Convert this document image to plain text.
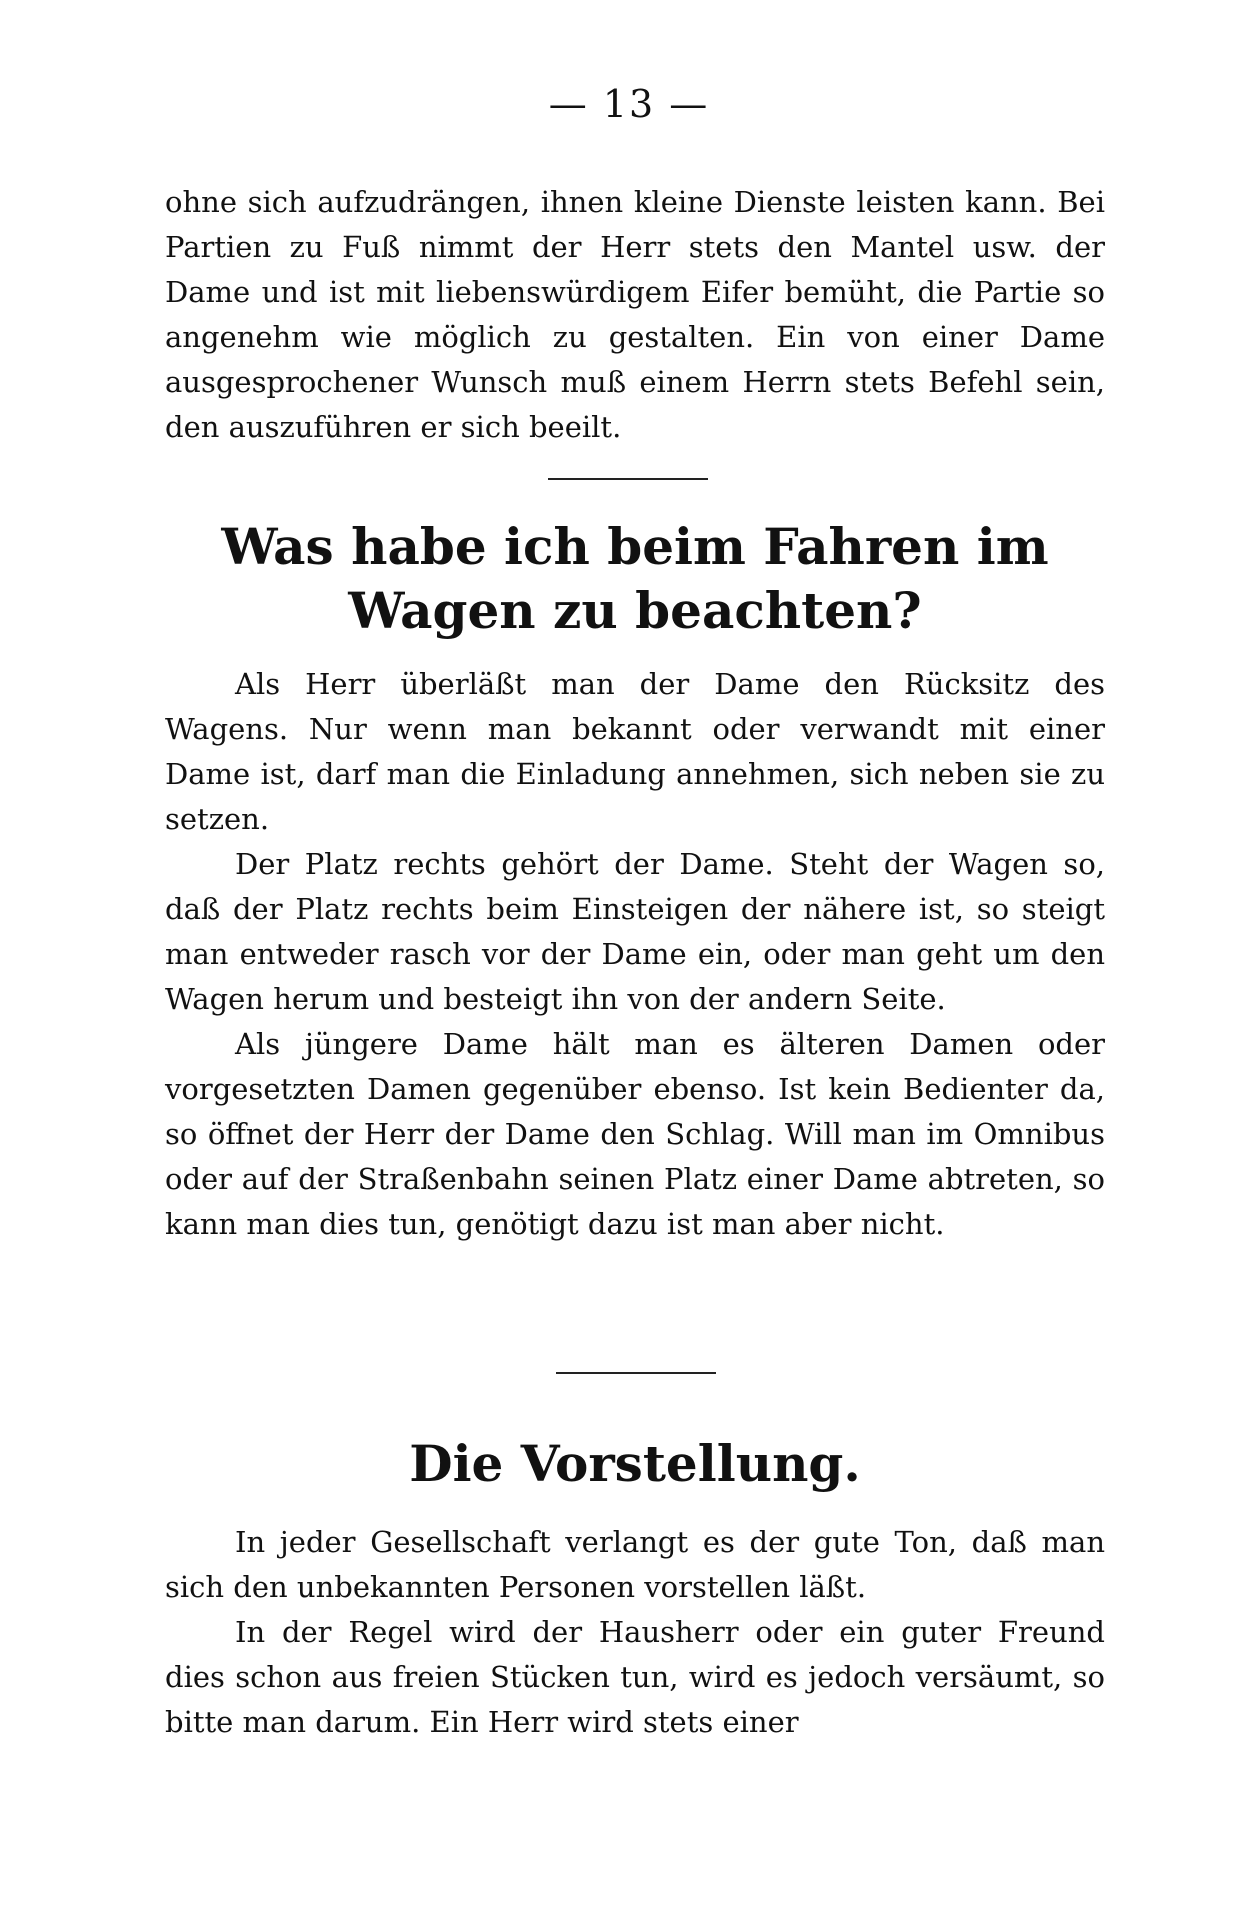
— 13 —

ohne sich aufzudrängen, ihnen kleine Dienste leisten kann. Bei Partien zu Fuß nimmt der Herr stets den Mantel usw. der Dame und ist mit liebenswürdigem Eifer bemüht, die Partie so angenehm wie möglich zu gestalten. Ein von einer Dame ausgesprochener Wunsch muß einem Herrn stets Befehl sein, den auszuführen er sich beeilt.

Was habe ich beim Fahren im Wagen zu beachten?

Als Herr überläßt man der Dame den Rücksitz des Wagens. Nur wenn man bekannt oder verwandt mit einer Dame ist, darf man die Einladung annehmen, sich neben sie zu setzen.

Der Platz rechts gehört der Dame. Steht der Wagen so, daß der Platz rechts beim Einsteigen der nähere ist, so steigt man entweder rasch vor der Dame ein, oder man geht um den Wagen herum und besteigt ihn von der andern Seite.

Als jüngere Dame hält man es älteren Damen oder vorgesetzten Damen gegenüber ebenso. Ist kein Bedienter da, so öffnet der Herr der Dame den Schlag. Will man im Omnibus oder auf der Straßenbahn seinen Platz einer Dame abtreten, so kann man dies tun, genötigt dazu ist man aber nicht.

Die Vorstellung.

In jeder Gesellschaft verlangt es der gute Ton, daß man sich den unbekannten Personen vorstellen läßt.

In der Regel wird der Hausherr oder ein guter Freund dies schon aus freien Stücken tun, wird es jedoch versäumt, so bitte man darum. Ein Herr wird stets einer
